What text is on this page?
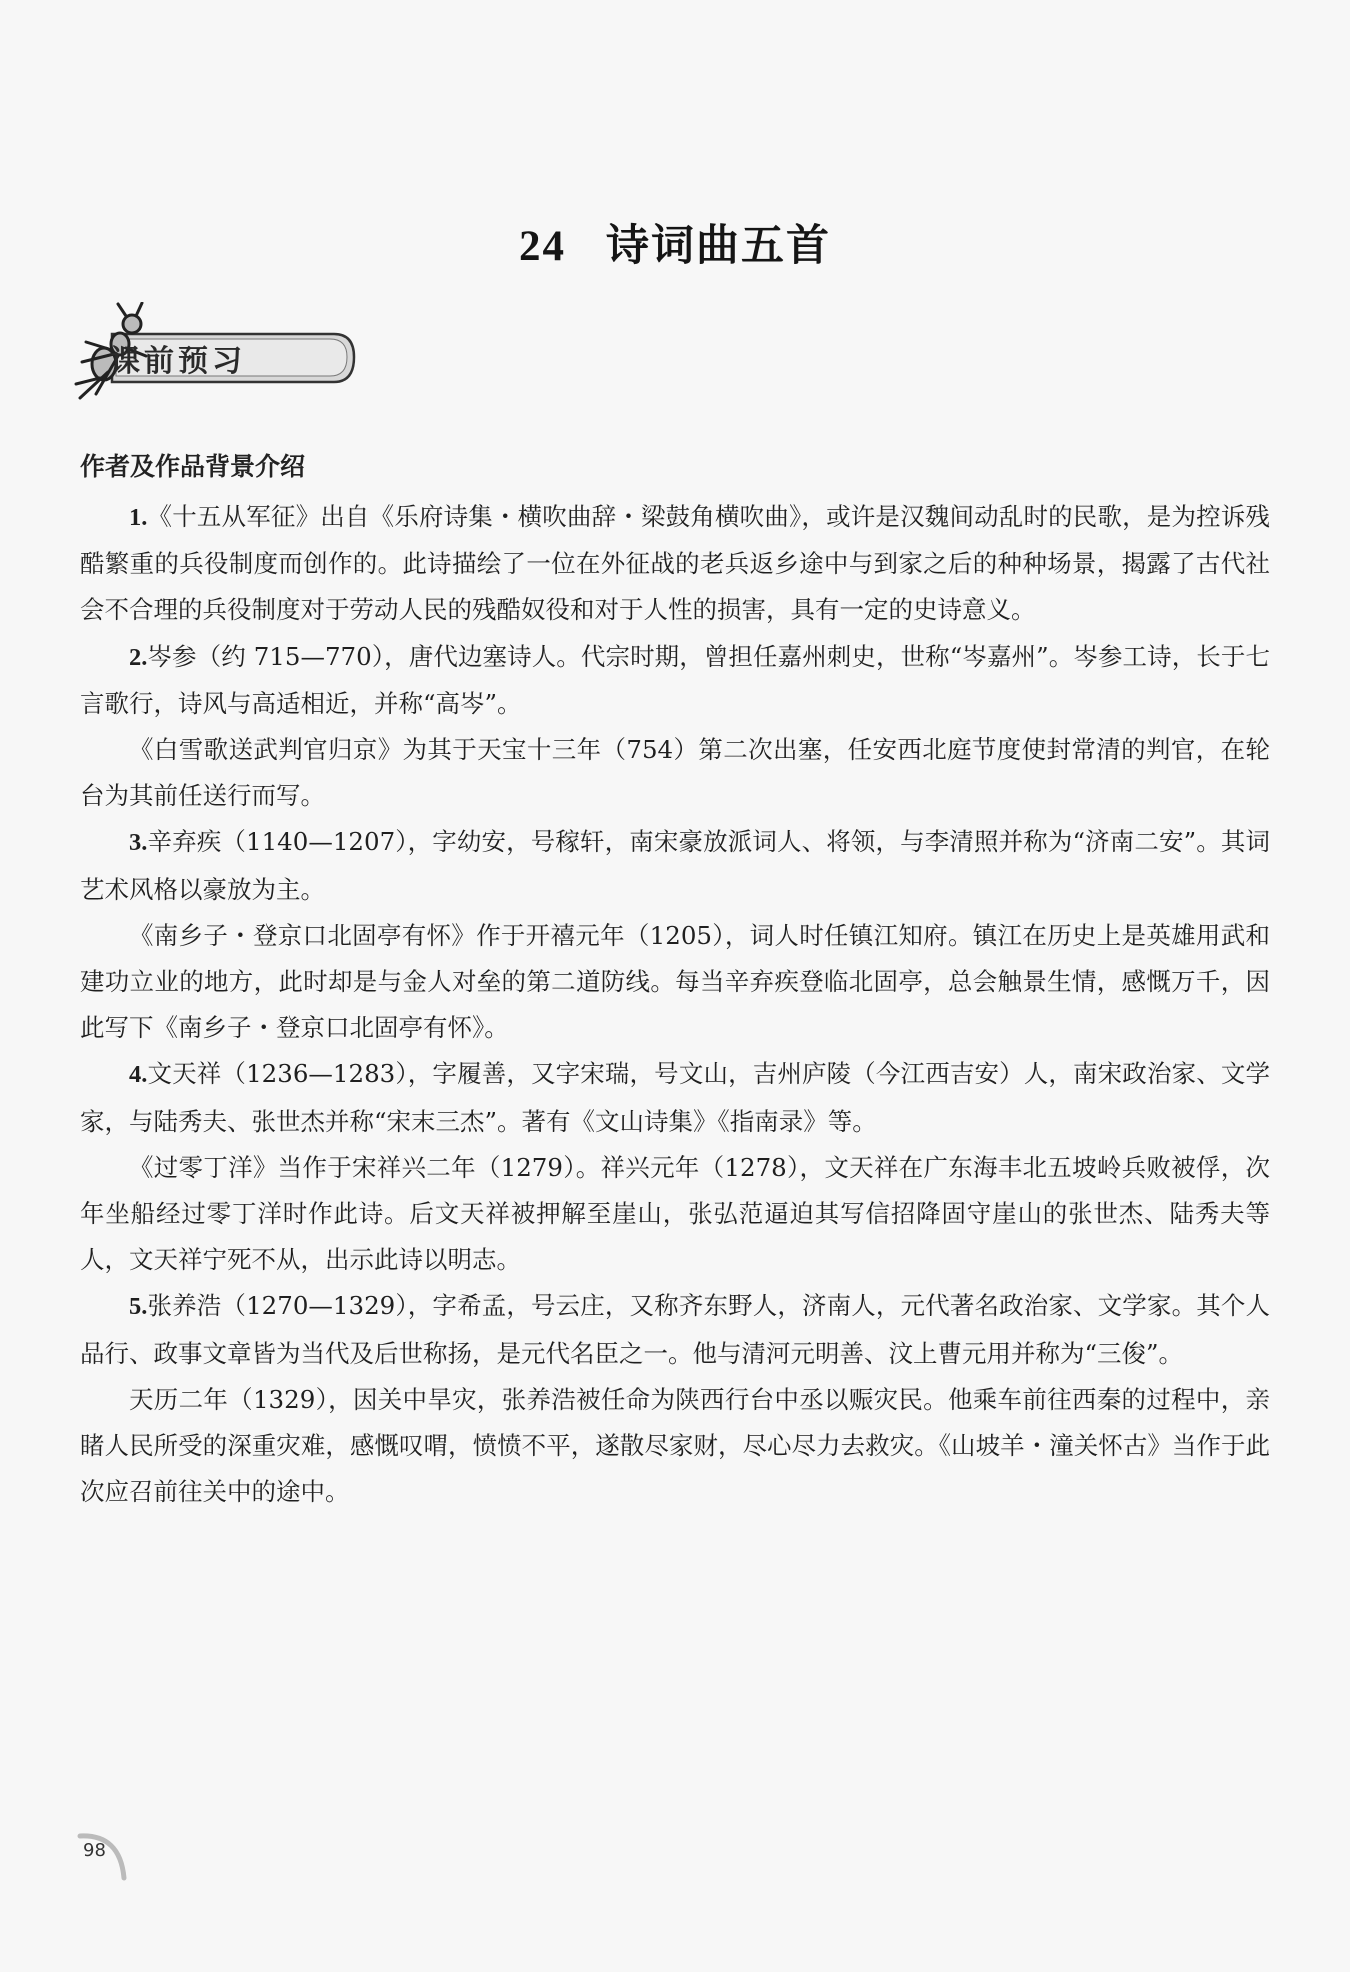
24 诗词曲五首
课前预习
作者及作品背景介绍

1.《十五从军征》出自《乐府诗集・横吹曲辞・梁鼓角横吹曲》，或许是汉魏间动乱时的民歌，是为控诉残酷繁重的兵役制度而创作的。此诗描绘了一位在外征战的老兵返乡途中与到家之后的种种场景，揭露了古代社会不合理的兵役制度对于劳动人民的残酷奴役和对于人性的损害，具有一定的史诗意义。

2.岑参（约 715—770），唐代边塞诗人。代宗时期，曾担任嘉州刺史，世称“岑嘉州”。岑参工诗，长于七言歌行，诗风与高适相近，并称“高岑”。

《白雪歌送武判官归京》为其于天宝十三年（754）第二次出塞，任安西北庭节度使封常清的判官，在轮台为其前任送行而写。

3.辛弃疾（1140—1207），字幼安，号稼轩，南宋豪放派词人、将领，与李清照并称为“济南二安”。其词艺术风格以豪放为主。

《南乡子・登京口北固亭有怀》作于开禧元年（1205），词人时任镇江知府。镇江在历史上是英雄用武和建功立业的地方，此时却是与金人对垒的第二道防线。每当辛弃疾登临北固亭，总会触景生情，感慨万千，因此写下《南乡子・登京口北固亭有怀》。

4.文天祥（1236—1283），字履善，又字宋瑞，号文山，吉州庐陵（今江西吉安）人，南宋政治家、文学家，与陆秀夫、张世杰并称“宋末三杰”。著有《文山诗集》《指南录》等。

《过零丁洋》当作于宋祥兴二年（1279）。祥兴元年（1278），文天祥在广东海丰北五坡岭兵败被俘，次年坐船经过零丁洋时作此诗。后文天祥被押解至崖山，张弘范逼迫其写信招降固守崖山的张世杰、陆秀夫等人，文天祥宁死不从，出示此诗以明志。

5.张养浩（1270—1329），字希孟，号云庄，又称齐东野人，济南人，元代著名政治家、文学家。其个人品行、政事文章皆为当代及后世称扬，是元代名臣之一。他与清河元明善、汶上曹元用并称为“三俊”。

天历二年（1329），因关中旱灾，张养浩被任命为陕西行台中丞以赈灾民。他乘车前往西秦的过程中，亲睹人民所受的深重灾难，感慨叹喟，愤愤不平，遂散尽家财，尽心尽力去救灾。《山坡羊・潼关怀古》当作于此次应召前往关中的途中。

98
